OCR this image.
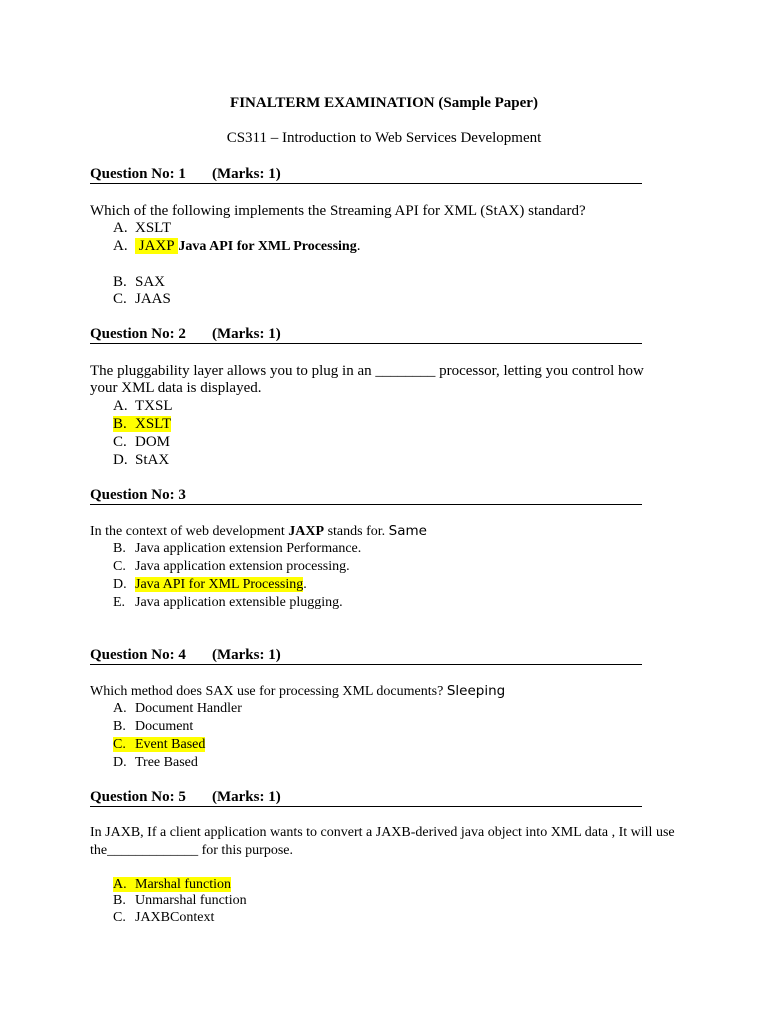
FINALTERM EXAMINATION (Sample Paper)
CS311 – Introduction to Web Services Development
Question No: 1 (Marks: 1)
Which of the following implements the Streaming API for XML (StAX) standard?
A. XSLT
A. JAXP Java API for XML Processing.
B. SAX
C. JAAS
Question No: 2 (Marks: 1)
The pluggability layer allows you to plug in an ________ processor, letting you control how
your XML data is displayed.
A. TXSL
B. XSLT
C. DOM
D. StAX
Question No: 3
In the context of web development JAXP stands for. Same
B. Java application extension Performance.
C. Java application extension processing.
D. Java API for XML Processing.
E. Java application extensible plugging.
Question No: 4 (Marks: 1)
Which method does SAX use for processing XML documents? Sleeping
A. Document Handler
B. Document
C. Event Based
D. Tree Based
Question No: 5 (Marks: 1)
In JAXB, If a client application wants to convert a JAXB-derived java object into XML data , It will use
the_____________ for this purpose.
A. Marshal function
B. Unmarshal function
C. JAXBContext
